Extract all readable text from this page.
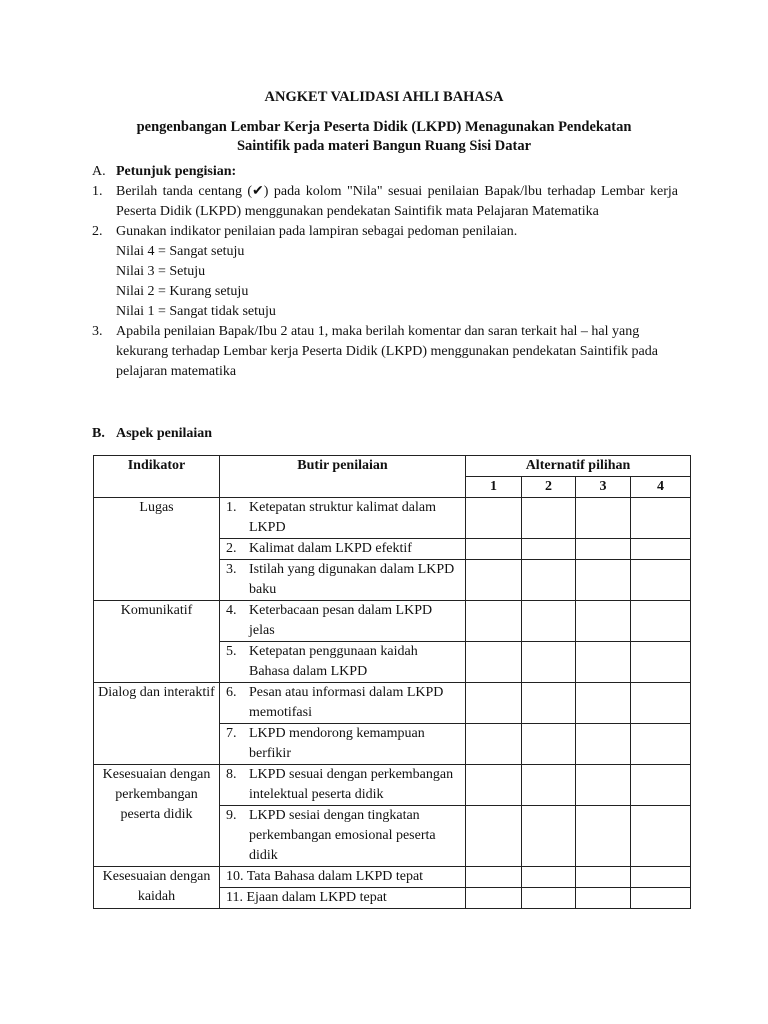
ANGKET VALIDASI AHLI BAHASA
pengenbangan Lembar Kerja Peserta Didik (LKPD) Menagunakan Pendekatan
Saintifik pada materi Bangun Ruang Sisi Datar
A. Petunjuk pengisian:
1. Berilah tanda centang (✔) pada kolom "Nila" sesuai penilaian Bapak/lbu terhadap Lembar kerja Peserta Didik (LKPD) menggunakan pendekatan Saintifik mata Pelajaran Matematika
2. Gunakan indikator penilaian pada lampiran sebagai pedoman penilaian.
Nilai 4 = Sangat setuju
Nilai 3 = Setuju
Nilai 2 = Kurang setuju
Nilai 1 = Sangat tidak setuju
3. Apabila penilaian Bapak/Ibu 2 atau 1, maka berilah komentar dan saran terkait hal – hal yang kekurang terhadap Lembar kerja Peserta Didik (LKPD) menggunakan pendekatan Saintifik pada pelajaran matematika
B. Aspek penilaian
Indikator	Butir penilaian	Alternatif pilihan			
		1	2	3	4
Lugas	1. Ketepatan struktur kalimat dalam LKPD				

	2. Kalimat dalam LKPD efektif				

	3. Istilah yang digunakan dalam LKPD baku				

Komunikatif	4. Keterbacaan pesan dalam LKPD jelas				

	5. Ketepatan penggunaan kaidah Bahasa dalam LKPD				

Dialog dan interaktif	6. Pesan atau informasi dalam LKPD memotifasi				

	7. LKPD mendorong kemampuan berfikir				

Kesesuaian dengan perkembangan peserta didik	8. LKPD sesuai dengan perkembangan intelektual peserta didik				

	9. LKPD sesiai dengan tingkatan perkembangan emosional peserta didik				

Kesesuaian dengan kaidah	10. Tata Bahasa dalam LKPD tepat				

	11. Ejaan dalam LKPD tepat				
